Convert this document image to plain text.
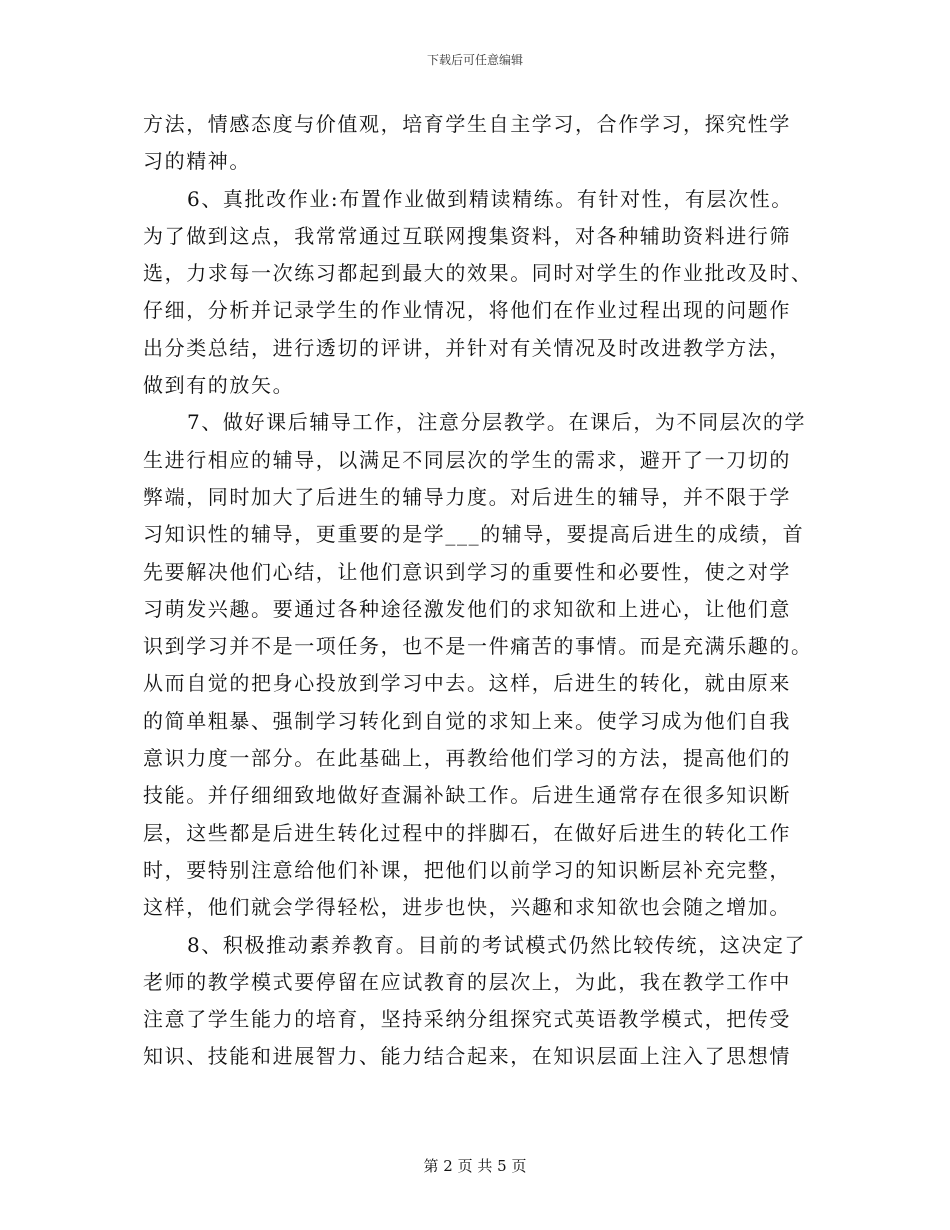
下载后可任意编辑
方法，情感态度与价值观，培育学生自主学习，合作学习，探究性学
习的精神。
6、真批改作业:布置作业做到精读精练。有针对性，有层次性。
为了做到这点，我常常通过互联网搜集资料，对各种辅助资料进行筛
选，力求每一次练习都起到最大的效果。同时对学生的作业批改及时、
仔细，分析并记录学生的作业情况，将他们在作业过程出现的问题作
出分类总结，进行透切的评讲，并针对有关情况及时改进教学方法，
做到有的放矢。
7、做好课后辅导工作，注意分层教学。在课后，为不同层次的学
生进行相应的辅导，以满足不同层次的学生的需求，避开了一刀切的
弊端，同时加大了后进生的辅导力度。对后进生的辅导，并不限于学
习知识性的辅导，更重要的是学___的辅导，要提高后进生的成绩，首
先要解决他们心结，让他们意识到学习的重要性和必要性，使之对学
习萌发兴趣。要通过各种途径激发他们的求知欲和上进心，让他们意
识到学习并不是一项任务，也不是一件痛苦的事情。而是充满乐趣的。
从而自觉的把身心投放到学习中去。这样，后进生的转化，就由原来
的简单粗暴、强制学习转化到自觉的求知上来。使学习成为他们自我
意识力度一部分。在此基础上，再教给他们学习的方法，提高他们的
技能。并仔细细致地做好查漏补缺工作。后进生通常存在很多知识断
层，这些都是后进生转化过程中的拌脚石，在做好后进生的转化工作
时，要特别注意给他们补课，把他们以前学习的知识断层补充完整，
这样，他们就会学得轻松，进步也快，兴趣和求知欲也会随之增加。
8、积极推动素养教育。目前的考试模式仍然比较传统，这决定了
老师的教学模式要停留在应试教育的层次上，为此，我在教学工作中
注意了学生能力的培育，坚持采纳分组探究式英语教学模式，把传受
知识、技能和进展智力、能力结合起来，在知识层面上注入了思想情
第 2 页 共 5 页
